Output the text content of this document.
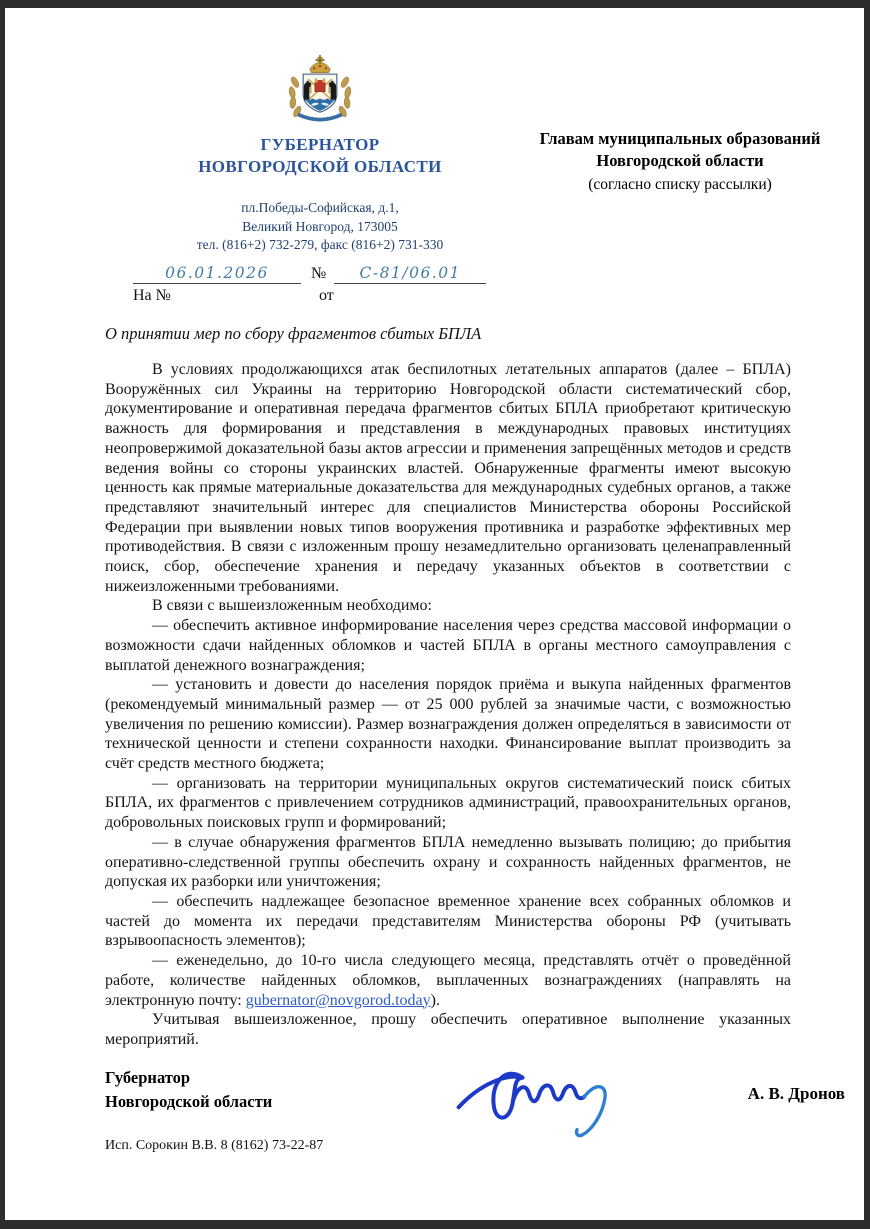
ГУБЕРНАТОР
НОВГОРОДСКОЙ ОБЛАСТИ
пл.Победы-Софийская, д.1,
Великий Новгород, 173005
тел. (816+2) 732-279, факс (816+2) 731-330
06.01.2026	№	С-81/06.01
На №	от
Главам муниципальных образований
Новгородской области
(согласно списку рассылки)
О принятии мер по сбору фрагментов сбитых БПЛА

В условиях продолжающихся атак беспилотных летательных аппаратов (далее – БПЛА) Вооружённых сил Украины на территорию Новгородской области систематический сбор, документирование и оперативная передача фрагментов сбитых БПЛА приобретают критическую важность для формирования и представления в международных правовых институциях неопровержимой доказательной базы актов агрессии и применения запрещённых методов и средств ведения войны со стороны украинских властей. Обнаруженные фрагменты имеют высокую ценность как прямые материальные доказательства для международных судебных органов, а также представляют значительный интерес для специалистов Министерства обороны Российской Федерации при выявлении новых типов вооружения противника и разработке эффективных мер противодействия. В связи с изложенным прошу незамедлительно организовать целенаправленный поиск, сбор, обеспечение хранения и передачу указанных объектов в соответствии с нижеизложенными требованиями.

В связи с вышеизложенным необходимо:

— обеспечить активное информирование населения через средства массовой информации о возможности сдачи найденных обломков и частей БПЛА в органы местного самоуправления с выплатой денежного вознаграждения;

— установить и довести до населения порядок приёма и выкупа найденных фрагментов (рекомендуемый минимальный размер — от 25 000 рублей за значимые части, с возможностью увеличения по решению комиссии). Размер вознаграждения должен определяться в зависимости от технической ценности и степени сохранности находки. Финансирование выплат производить за счёт средств местного бюджета;

— организовать на территории муниципальных округов систематический поиск сбитых БПЛА, их фрагментов с привлечением сотрудников администраций, правоохранительных органов, добровольных поисковых групп и формирований;

— в случае обнаружения фрагментов БПЛА немедленно вызывать полицию; до прибытия оперативно-следственной группы обеспечить охрану и сохранность найденных фрагментов, не допуская их разборки или уничтожения;

— обеспечить надлежащее безопасное временное хранение всех собранных обломков и частей до момента их передачи представителям Министерства обороны РФ (учитывать взрывоопасность элементов);

— еженедельно, до 10-го числа следующего месяца, представлять отчёт о проведённой работе, количестве найденных обломков, выплаченных вознаграждениях (направлять на электронную почту: gubernator@novgorod.today).

Учитывая вышеизложенное, прошу обеспечить оперативное выполнение указанных мероприятий.

Губернатор
Новгородской области	А. В. Дронов
Исп. Сорокин В.В. 8 (8162) 73-22-87
